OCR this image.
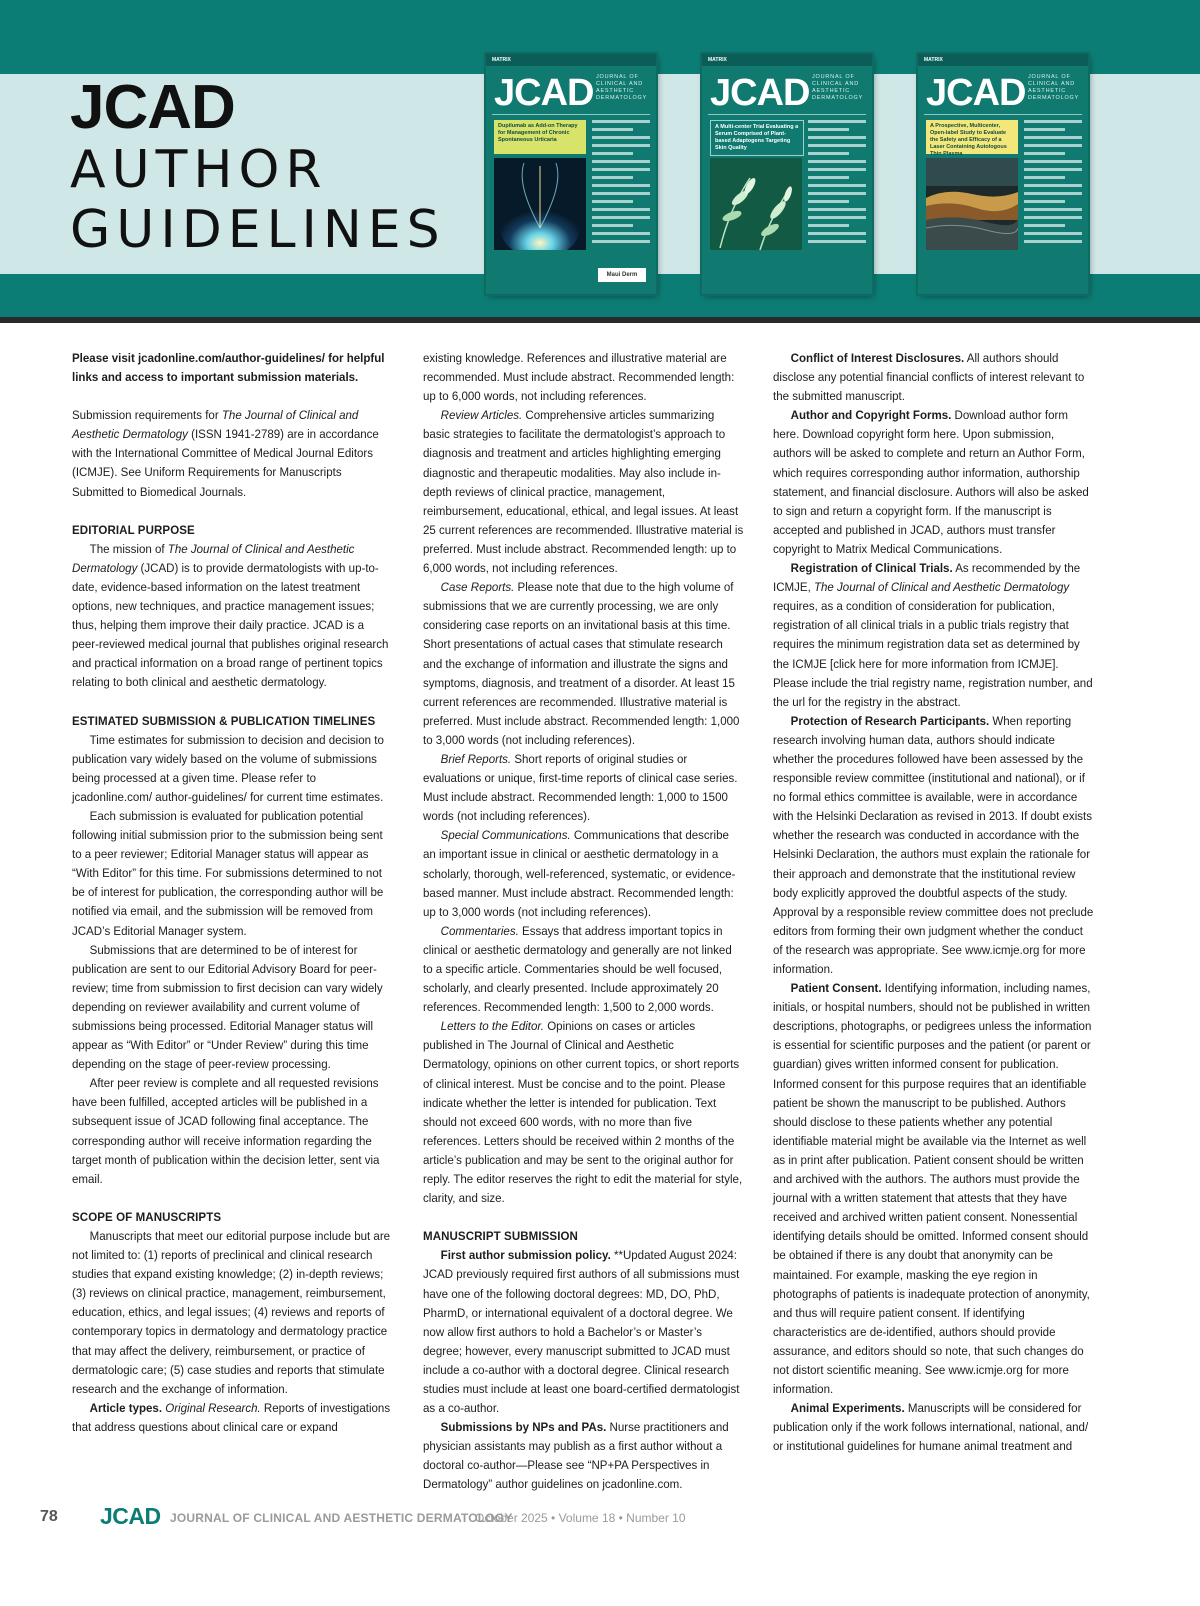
JCAD
AUTHOR
GUIDELINES
MATRIX
JCAD JOURNAL OF CLINICAL AND AESTHETIC DERMATOLOGY
Dupilumab as Add-on Therapy for Management of Chronic Spontaneous Urticaria
Maui Derm
MATRIX
JCAD JOURNAL OF CLINICAL AND AESTHETIC DERMATOLOGY
A Multi-center Trial Evaluating a Serum Comprised of Plant-based Adaptogens Targeting Skin Quality
MATRIX
JCAD JOURNAL OF CLINICAL AND AESTHETIC DERMATOLOGY
A Prospective, Multicenter, Open-label Study to Evaluate the Safety and Efficacy of a Laser Containing Autologous Thin Plasma

Please visit jcadonline.com/author-guidelines/ for helpful links and access to important submission materials.

Submission requirements for The Journal of Clinical and Aesthetic Dermatology (ISSN 1941-2789) are in accordance with the International Committee of Medical Journal Editors (ICMJE). See Uniform Requirements for Manuscripts Submitted to Biomedical Journals.

EDITORIAL PURPOSE

The mission of The Journal of Clinical and Aesthetic Dermatology (JCAD) is to provide dermatologists with up-to-date, evidence-based information on the latest treatment options, new techniques, and practice management issues; thus, helping them improve their daily practice. JCAD is a peer-reviewed medical journal that publishes original research and practical information on a broad range of pertinent topics relating to both clinical and aesthetic dermatology.

ESTIMATED SUBMISSION & PUBLICATION TIMELINES

Time estimates for submission to decision and decision to publication vary widely based on the volume of submissions being processed at a given time. Please refer to jcadonline.com/ author-guidelines/ for current time estimates.

Each submission is evaluated for publication potential following initial submission prior to the submission being sent to a peer reviewer; Editorial Manager status will appear as “With Editor” for this time. For submissions determined to not be of interest for publication, the corresponding author will be notified via email, and the submission will be removed from JCAD’s Editorial Manager system.

Submissions that are determined to be of interest for publication are sent to our Editorial Advisory Board for peer-review; time from submission to first decision can vary widely depending on reviewer availability and current volume of submissions being processed. Editorial Manager status will appear as “With Editor” or “Under Review” during this time depending on the stage of peer-review processing.

After peer review is complete and all requested revisions have been fulfilled, accepted articles will be published in a subsequent issue of JCAD following final acceptance. The corresponding author will receive information regarding the target month of publication within the decision letter, sent via email.

SCOPE OF MANUSCRIPTS

Manuscripts that meet our editorial purpose include but are not limited to: (1) reports of preclinical and clinical research studies that expand existing knowledge; (2) in-depth reviews; (3) reviews on clinical practice, management, reimbursement, education, ethics, and legal issues; (4) reviews and reports of contemporary topics in dermatology and dermatology practice that may affect the delivery, reimbursement, or practice of dermatologic care; (5) case studies and reports that stimulate research and the exchange of information.

Article types. Original Research. Reports of investigations that address questions about clinical care or expand

existing knowledge. References and illustrative material are recommended. Must include abstract. Recommended length: up to 6,000 words, not including references.

Review Articles. Comprehensive articles summarizing basic strategies to facilitate the dermatologist’s approach to diagnosis and treatment and articles highlighting emerging diagnostic and therapeutic modalities. May also include in-depth reviews of clinical practice, management, reimbursement, educational, ethical, and legal issues. At least 25 current references are recommended. Illustrative material is preferred. Must include abstract. Recommended length: up to 6,000 words, not including references.

Case Reports. Please note that due to the high volume of submissions that we are currently processing, we are only considering case reports on an invitational basis at this time. Short presentations of actual cases that stimulate research and the exchange of information and illustrate the signs and symptoms, diagnosis, and treatment of a disorder. At least 15 current references are recommended. Illustrative material is preferred. Must include abstract. Recommended length: 1,000 to 3,000 words (not including references).

Brief Reports. Short reports of original studies or evaluations or unique, first-time reports of clinical case series. Must include abstract. Recommended length: 1,000 to 1500 words (not including references).

Special Communications. Communications that describe an important issue in clinical or aesthetic dermatology in a scholarly, thorough, well-referenced, systematic, or evidence-based manner. Must include abstract. Recommended length: up to 3,000 words (not including references).

Commentaries. Essays that address important topics in clinical or aesthetic dermatology and generally are not linked to a specific article. Commentaries should be well focused, scholarly, and clearly presented. Include approximately 20 references. Recommended length: 1,500 to 2,000 words.

Letters to the Editor. Opinions on cases or articles published in The Journal of Clinical and Aesthetic Dermatology, opinions on other current topics, or short reports of clinical interest. Must be concise and to the point. Please indicate whether the letter is intended for publication. Text should not exceed 600 words, with no more than five references. Letters should be received within 2 months of the article’s publication and may be sent to the original author for reply. The editor reserves the right to edit the material for style, clarity, and size.

MANUSCRIPT SUBMISSION

First author submission policy. **Updated August 2024: JCAD previously required first authors of all submissions must have one of the following doctoral degrees: MD, DO, PhD, PharmD, or international equivalent of a doctoral degree. We now allow first authors to hold a Bachelor’s or Master’s degree; however, every manuscript submitted to JCAD must include a co-author with a doctoral degree. Clinical research studies must include at least one board-certified dermatologist as a co-author.

Submissions by NPs and PAs. Nurse practitioners and physician assistants may publish as a first author without a doctoral co-author—Please see “NP+PA Perspectives in Dermatology” author guidelines on jcadonline.com.

Conflict of Interest Disclosures. All authors should disclose any potential financial conflicts of interest relevant to the submitted manuscript.

Author and Copyright Forms. Download author form here. Download copyright form here. Upon submission, authors will be asked to complete and return an Author Form, which requires corresponding author information, authorship statement, and financial disclosure. Authors will also be asked to sign and return a copyright form. If the manuscript is accepted and published in JCAD, authors must transfer copyright to Matrix Medical Communications.

Registration of Clinical Trials. As recommended by the ICMJE, The Journal of Clinical and Aesthetic Dermatology requires, as a condition of consideration for publication, registration of all clinical trials in a public trials registry that requires the minimum registration data set as determined by the ICMJE [click here for more information from ICMJE]. Please include the trial registry name, registration number, and the url for the registry in the abstract.

Protection of Research Participants. When reporting research involving human data, authors should indicate whether the procedures followed have been assessed by the responsible review committee (institutional and national), or if no formal ethics committee is available, were in accordance with the Helsinki Declaration as revised in 2013. If doubt exists whether the research was conducted in accordance with the Helsinki Declaration, the authors must explain the rationale for their approach and demonstrate that the institutional review body explicitly approved the doubtful aspects of the study. Approval by a responsible review committee does not preclude editors from forming their own judgment whether the conduct of the research was appropriate. See www.icmje.org for more information.

Patient Consent. Identifying information, including names, initials, or hospital numbers, should not be published in written descriptions, photographs, or pedigrees unless the information is essential for scientific purposes and the patient (or parent or guardian) gives written informed consent for publication. Informed consent for this purpose requires that an identifiable patient be shown the manuscript to be published. Authors should disclose to these patients whether any potential identifiable material might be available via the Internet as well as in print after publication. Patient consent should be written and archived with the authors. The authors must provide the journal with a written statement that attests that they have received and archived written patient consent. Nonessential identifying details should be omitted. Informed consent should be obtained if there is any doubt that anonymity can be maintained. For example, masking the eye region in photographs of patients is inadequate protection of anonymity, and thus will require patient consent. If identifying characteristics are de-identified, authors should provide assurance, and editors should so note, that such changes do not distort scientific meaning. See www.icmje.org for more information.

Animal Experiments. Manuscripts will be considered for publication only if the work follows international, national, and/ or institutional guidelines for humane animal treatment and

78 JCAD JOURNAL OF CLINICAL AND AESTHETIC DERMATOLOGY
October 2025 • Volume 18 • Number 10
